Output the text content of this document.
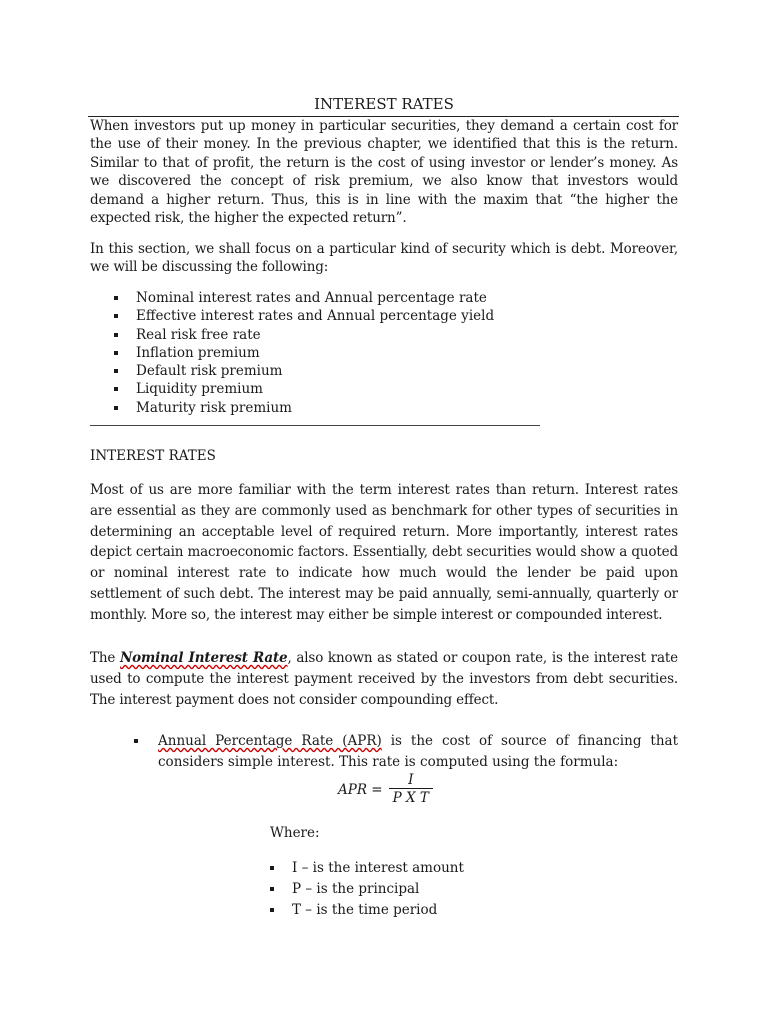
INTEREST RATES

When investors put up money in particular securities, they demand a certain cost for the use of their money. In the previous chapter, we identified that this is the return. Similar to that of profit, the return is the cost of using investor or lender’s money. As we discovered the concept of risk premium, we also know that investors would demand a higher return. Thus, this is in line with the maxim that “the higher the expected risk, the higher the expected return”.

In this section, we shall focus on a particular kind of security which is debt. Moreover, we will be discussing the following:

Nominal interest rates and Annual percentage rate
Effective interest rates and Annual percentage yield
Real risk free rate
Inflation premium
Default risk premium
Liquidity premium
Maturity risk premium
INTEREST RATES

Most of us are more familiar with the term interest rates than return. Interest rates are essential as they are commonly used as benchmark for other types of securities in determining an acceptable level of required return. More importantly, interest rates depict certain macroeconomic factors. Essentially, debt securities would show a quoted or nominal interest rate to indicate how much would the lender be paid upon settlement of such debt. The interest may be paid annually, semi-annually, quarterly or monthly. More so, the interest may either be simple interest or compounded interest.

The Nominal Interest Rate, also known as stated or coupon rate, is the interest rate used to compute the interest payment received by the investors from debt securities. The interest payment does not consider compounding effect.

Annual Percentage Rate (APR) is the cost of source of financing that considers simple interest. This rate is computed using the formula:
APR = $\frac{I}{\text{P X T}}$
Where:
I – is the interest amount
P – is the principal
T – is the time period
